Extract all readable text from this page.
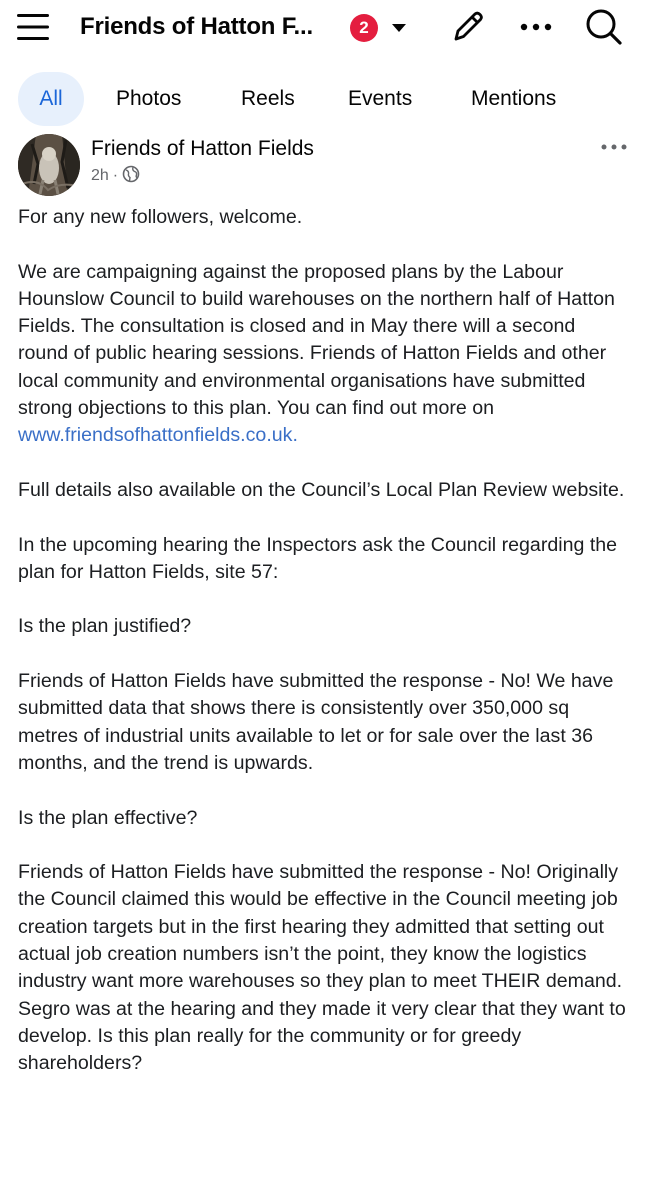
Friends of Hatton F...	2
All	Photos	Reels	Events	Mentions
Friends of Hatton Fields
2h ·

For any new followers, welcome.

We are campaigning against the proposed plans by the Labour Hounslow Council to build warehouses on the northern half of Hatton Fields. The consultation is closed and in May there will a second round of public hearing sessions. Friends of Hatton Fields and other local community and environmental organisations have submitted strong objections to this plan. You can find out more on www.friendsofhattonfields.co.uk.

Full details also available on the Council’s Local Plan Review website.

In the upcoming hearing the Inspectors ask the Council regarding the plan for Hatton Fields, site 57:

Is the plan justified?

Friends of Hatton Fields have submitted the response - No! We have submitted data that shows there is consistently over 350,000 sq metres of industrial units available to let or for sale over the last 36 months, and the trend is upwards.

Is the plan effective?

Friends of Hatton Fields have submitted the response - No! Originally the Council claimed this would be effective in the Council meeting job creation targets but in the first hearing they admitted that setting out actual job creation numbers isn’t the point, they know the logistics industry want more warehouses so they plan to meet THEIR demand. Segro was at the hearing and they made it very clear that they want to develop. Is this plan really for the community or for greedy shareholders?
